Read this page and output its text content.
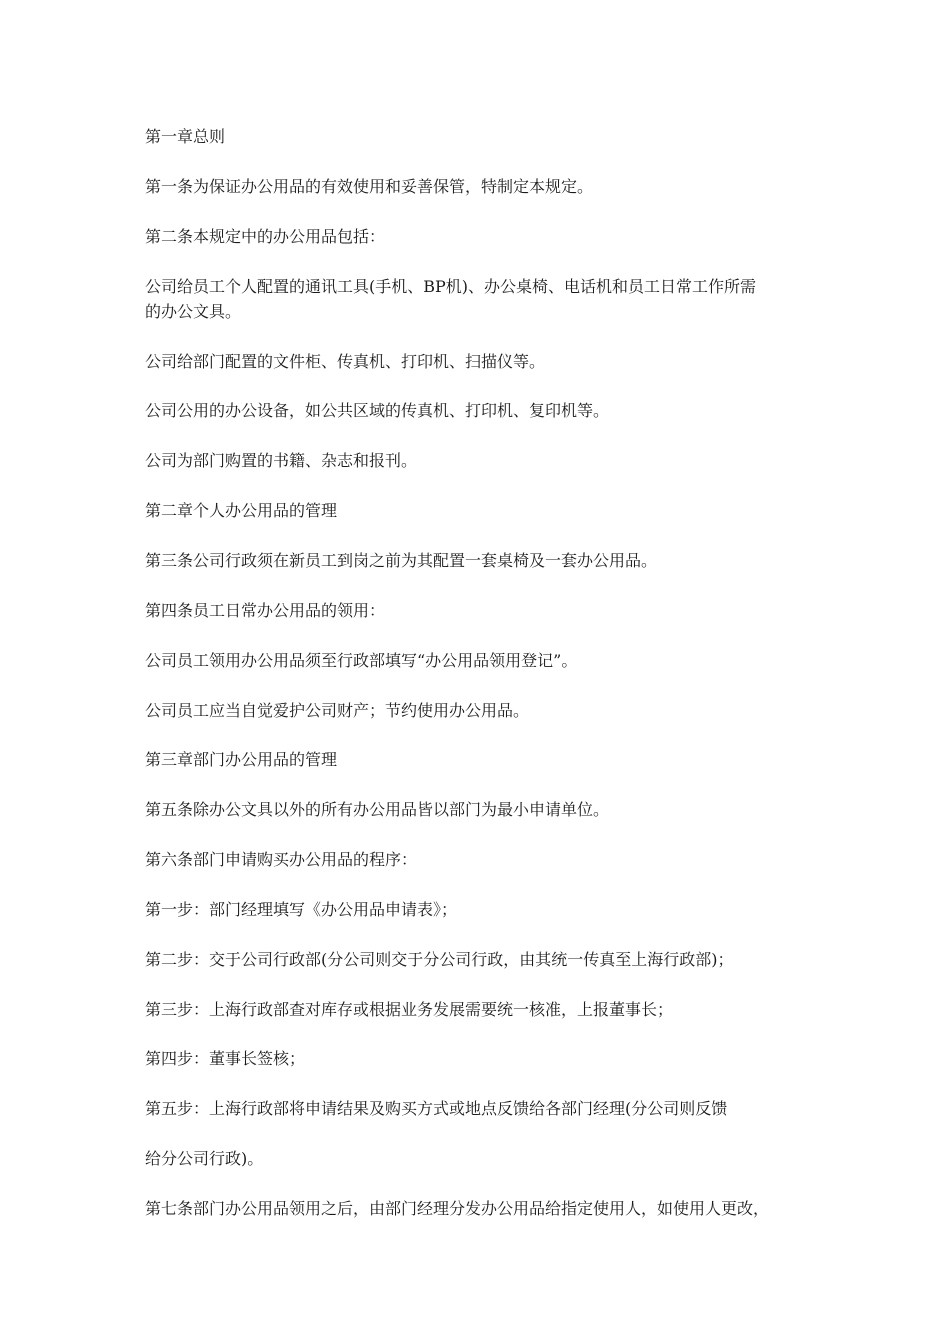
第一章总则
第一条为保证办公用品的有效使用和妥善保管，特制定本规定。
第二条本规定中的办公用品包括：
公司给员工个人配置的通讯工具(手机、BP机)、办公桌椅、电话机和员工日常工作所需
的办公文具。
公司给部门配置的文件柜、传真机、打印机、扫描仪等。
公司公用的办公设备，如公共区域的传真机、打印机、复印机等。
公司为部门购置的书籍、杂志和报刊。
第二章个人办公用品的管理
第三条公司行政须在新员工到岗之前为其配置一套桌椅及一套办公用品。
第四条员工日常办公用品的领用：
公司员工领用办公用品须至行政部填写“办公用品领用登记”。
公司员工应当自觉爱护公司财产；节约使用办公用品。
第三章部门办公用品的管理
第五条除办公文具以外的所有办公用品皆以部门为最小申请单位。
第六条部门申请购买办公用品的程序：
第一步：部门经理填写《办公用品申请表》；
第二步：交于公司行政部(分公司则交于分公司行政，由其统一传真至上海行政部)；
第三步：上海行政部查对库存或根据业务发展需要统一核准，上报董事长；
第四步：董事长签核；
第五步：上海行政部将申请结果及购买方式或地点反馈给各部门经理(分公司则反馈
给分公司行政)。
第七条部门办公用品领用之后，由部门经理分发办公用品给指定使用人，如使用人更改，
